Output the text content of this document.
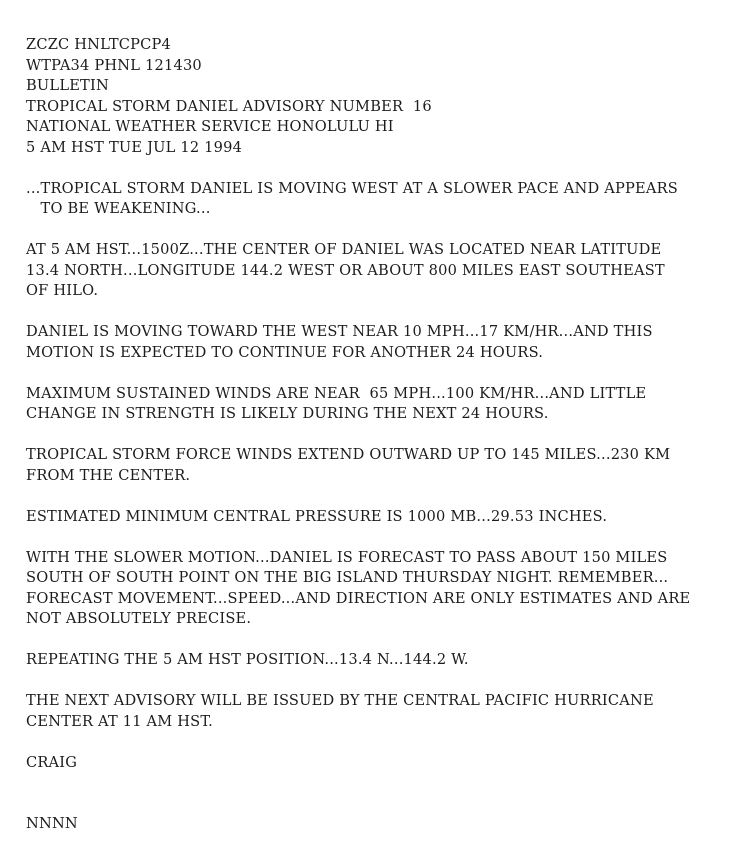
ZCZC HNLTCPCP4
WTPA34 PHNL 121430
BULLETIN
TROPICAL STORM DANIEL ADVISORY NUMBER  16
NATIONAL WEATHER SERVICE HONOLULU HI
5 AM HST TUE JUL 12 1994
...TROPICAL STORM DANIEL IS MOVING WEST AT A SLOWER PACE AND APPEARS
TO BE WEAKENING...
AT 5 AM HST...1500Z...THE CENTER OF DANIEL WAS LOCATED NEAR LATITUDE
13.4 NORTH...LONGITUDE 144.2 WEST OR ABOUT 800 MILES EAST SOUTHEAST
OF HILO.
DANIEL IS MOVING TOWARD THE WEST NEAR 10 MPH...17 KM/HR...AND THIS
MOTION IS EXPECTED TO CONTINUE FOR ANOTHER 24 HOURS.
MAXIMUM SUSTAINED WINDS ARE NEAR  65 MPH...100 KM/HR...AND LITTLE
CHANGE IN STRENGTH IS LIKELY DURING THE NEXT 24 HOURS.
TROPICAL STORM FORCE WINDS EXTEND OUTWARD UP TO 145 MILES...230 KM
FROM THE CENTER.
ESTIMATED MINIMUM CENTRAL PRESSURE IS 1000 MB...29.53 INCHES.
WITH THE SLOWER MOTION...DANIEL IS FORECAST TO PASS ABOUT 150 MILES
SOUTH OF SOUTH POINT ON THE BIG ISLAND THURSDAY NIGHT. REMEMBER...
FORECAST MOVEMENT...SPEED...AND DIRECTION ARE ONLY ESTIMATES AND ARE
NOT ABSOLUTELY PRECISE.
REPEATING THE 5 AM HST POSITION...13.4 N...144.2 W.
THE NEXT ADVISORY WILL BE ISSUED BY THE CENTRAL PACIFIC HURRICANE
CENTER AT 11 AM HST.
CRAIG
NNNN
